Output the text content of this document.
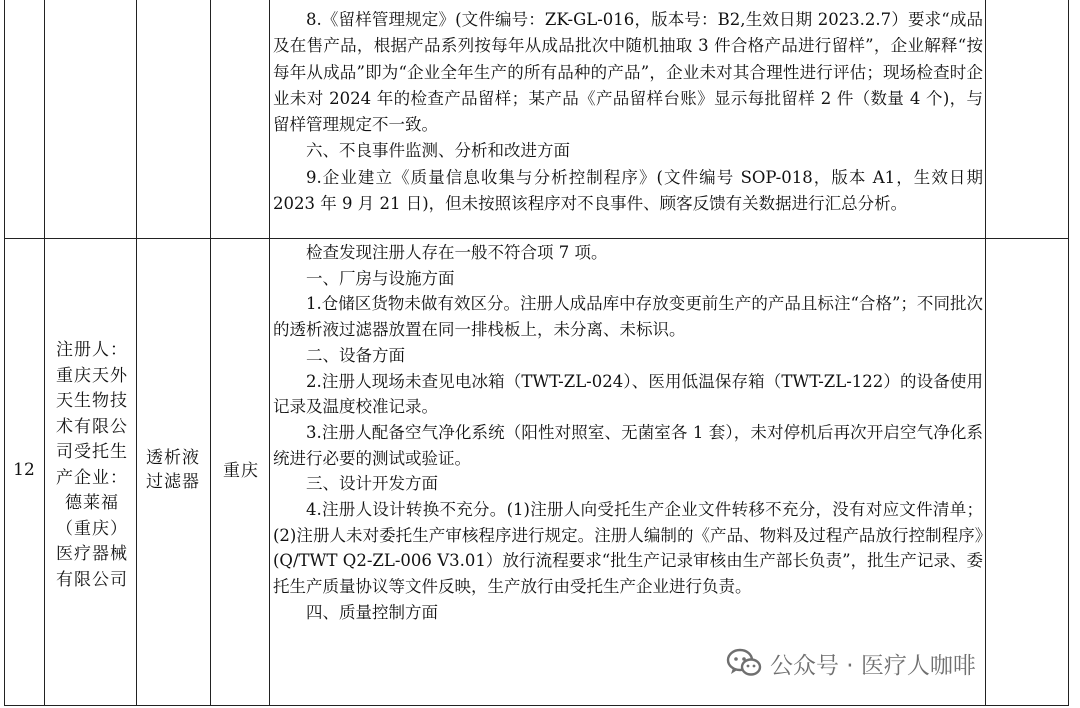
8.《留样管理规定》(文件编号：ZK-GL-016，版本号：B2,生效日期 2023.2.7）要求“成品及在售产品，根据产品系列按每年从成品批次中随机抽取 3 件合格产品进行留样”，企业解释“按每年从成品”即为“企业全年生产的所有品种的产品”，企业未对其合理性进行评估；现场检查时企业未对 2024 年的检查产品留样；某产品《产品留样台账》显示每批留样 2 件（数量 4 个)，与留样管理规定不一致。

六、不良事件监测、分析和改进方面

9.企业建立《质量信息收集与分析控制程序》(文件编号 SOP-018，版本 A1，生效日期 2023 年 9 月 21 日)，但未按照该程序对不良事件、顾客反馈有关数据进行汇总分析。

12
注册人：重庆天外天生物技术有限公司受托生产企业：德莱福（重庆）医疗器械有限公司
透析液过滤器
重庆

检查发现注册人存在一般不符合项 7 项。

一、厂房与设施方面

1.仓储区货物未做有效区分。注册人成品库中存放变更前生产的产品且标注“合格”；不同批次的透析液过滤器放置在同一排栈板上，未分离、未标识。

二、设备方面

2.注册人现场未查见电冰箱（TWT-ZL-024）、医用低温保存箱（TWT-ZL-122）的设备使用记录及温度校准记录。

3.注册人配备空气净化系统（阳性对照室、无菌室各 1 套），未对停机后再次开启空气净化系统进行必要的测试或验证。

三、设计开发方面

4.注册人设计转换不充分。(1)注册人向受托生产企业文件转移不充分，没有对应文件清单；(2)注册人未对委托生产审核程序进行规定。注册人编制的《产品、物料及过程产品放行控制程序》(Q/TWT Q2-ZL-006 V3.01）放行流程要求“批生产记录审核由生产部长负责”，批生产记录、委托生产质量协议等文件反映，生产放行由受托生产企业进行负责。

四、质量控制方面

公众号 · 医疗人咖啡
